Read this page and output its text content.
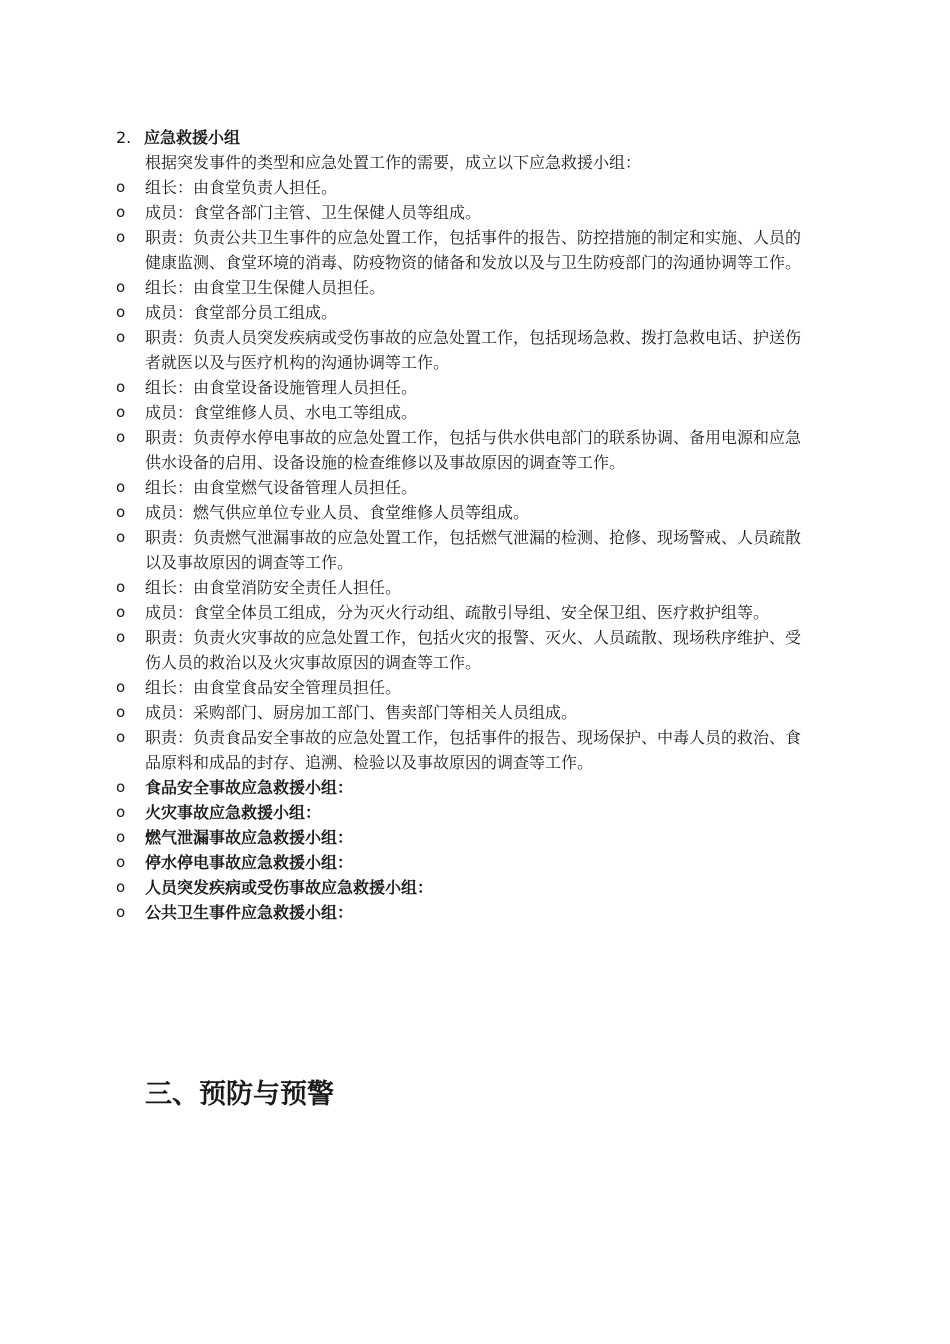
2. 应急救援小组
根据突发事件的类型和应急处置工作的需要，成立以下应急救援小组：
o	组长：由食堂负责人担任。
o	成员：食堂各部门主管、卫生保健人员等组成。
o	职责：负责公共卫生事件的应急处置工作，包括事件的报告、防控措施的制定和实施、人员的健康监测、食堂环境的消毒、防疫物资的储备和发放以及与卫生防疫部门的沟通协调等工作。
o	组长：由食堂卫生保健人员担任。
o	成员：食堂部分员工组成。
o	职责：负责人员突发疾病或受伤事故的应急处置工作，包括现场急救、拨打急救电话、护送伤者就医以及与医疗机构的沟通协调等工作。
o	组长：由食堂设备设施管理人员担任。
o	成员：食堂维修人员、水电工等组成。
o	职责：负责停水停电事故的应急处置工作，包括与供水供电部门的联系协调、备用电源和应急供水设备的启用、设备设施的检查维修以及事故原因的调查等工作。
o	组长：由食堂燃气设备管理人员担任。
o	成员：燃气供应单位专业人员、食堂维修人员等组成。
o	职责：负责燃气泄漏事故的应急处置工作，包括燃气泄漏的检测、抢修、现场警戒、人员疏散以及事故原因的调查等工作。
o	组长：由食堂消防安全责任人担任。
o	成员：食堂全体员工组成，分为灭火行动组、疏散引导组、安全保卫组、医疗救护组等。
o	职责：负责火灾事故的应急处置工作，包括火灾的报警、灭火、人员疏散、现场秩序维护、受伤人员的救治以及火灾事故原因的调查等工作。
o	组长：由食堂食品安全管理员担任。
o	成员：采购部门、厨房加工部门、售卖部门等相关人员组成。
o	职责：负责食品安全事故的应急处置工作，包括事件的报告、现场保护、中毒人员的救治、食品原料和成品的封存、追溯、检验以及事故原因的调查等工作。
o	食品安全事故应急救援小组：
o	火灾事故应急救援小组：
o	燃气泄漏事故应急救援小组：
o	停水停电事故应急救援小组：
o	人员突发疾病或受伤事故应急救援小组：
o	公共卫生事件应急救援小组：
三、预防与预警
